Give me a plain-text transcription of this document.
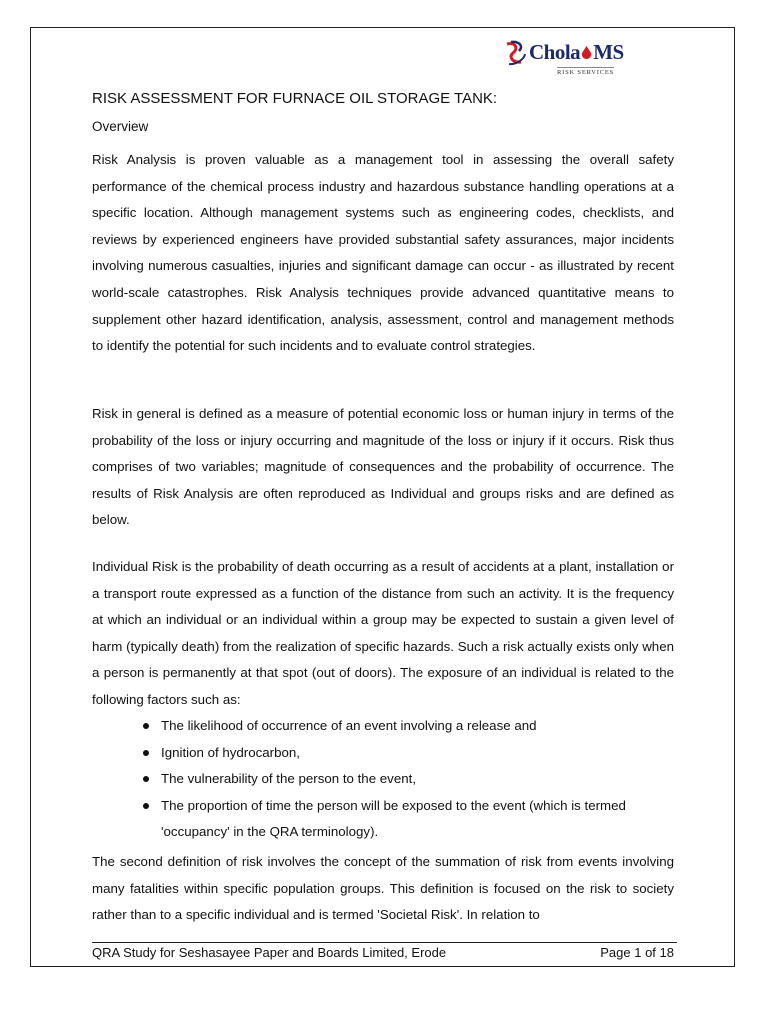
Chola MS
RISK SERVICES
RISK ASSESSMENT FOR FURNACE OIL STORAGE TANK:
Overview

Risk Analysis is proven valuable as a management tool in assessing the overall safety performance of the chemical process industry and hazardous substance handling operations at a specific location. Although management systems such as engineering codes, checklists, and reviews by experienced engineers have provided substantial safety assurances, major incidents involving numerous casualties, injuries and significant damage can occur - as illustrated by recent world-scale catastrophes. Risk Analysis techniques provide advanced quantitative means to supplement other hazard identification, analysis, assessment, control and management methods to identify the potential for such incidents and to evaluate control strategies.

Risk in general is defined as a measure of potential economic loss or human injury in terms of the probability of the loss or injury occurring and magnitude of the loss or injury if it occurs. Risk thus comprises of two variables; magnitude of consequences and the probability of occurrence. The results of Risk Analysis are often reproduced as Individual and groups risks and are defined as below.

Individual Risk is the probability of death occurring as a result of accidents at a plant, installation or a transport route expressed as a function of the distance from such an activity. It is the frequency at which an individual or an individual within a group may be expected to sustain a given level of harm (typically death) from the realization of specific hazards. Such a risk actually exists only when a person is permanently at that spot (out of doors). The exposure of an individual is related to the following factors such as:

The likelihood of occurrence of an event involving a release and
Ignition of hydrocarbon,
The vulnerability of the person to the event,
The proportion of time the person will be exposed to the event (which is termed 'occupancy' in the QRA terminology).

The second definition of risk involves the concept of the summation of risk from events involving many fatalities within specific population groups. This definition is focused on the risk to society rather than to a specific individual and is termed 'Societal Risk'. In relation to

QRA Study for Seshasayee Paper and Boards Limited, Erode	Page 1 of 18
